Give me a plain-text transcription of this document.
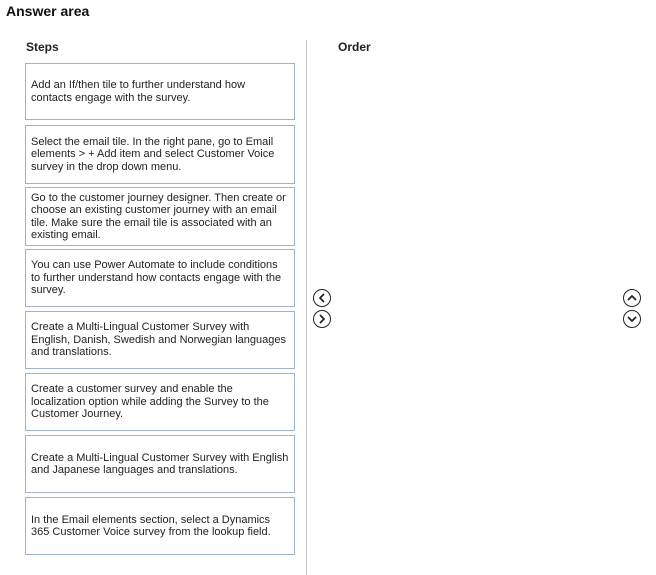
Answer area
Steps	Order
Add an If/then tile to further understand how contacts engage with the survey.
Select the email tile. In the right pane, go to Email elements > + Add item and select Customer Voice survey in the drop down menu.
Go to the customer journey designer. Then create or choose an existing customer journey with an email tile. Make sure the email tile is associated with an existing email.
You can use Power Automate to include conditions to further understand how contacts engage with the survey.
Create a Multi-Lingual Customer Survey with English, Danish, Swedish and Norwegian languages and translations.
Create a customer survey and enable the localization option while adding the Survey to the Customer Journey.
Create a Multi-Lingual Customer Survey with English and Japanese languages and translations.
In the Email elements section, select a Dynamics 365 Customer Voice survey from the lookup field.
